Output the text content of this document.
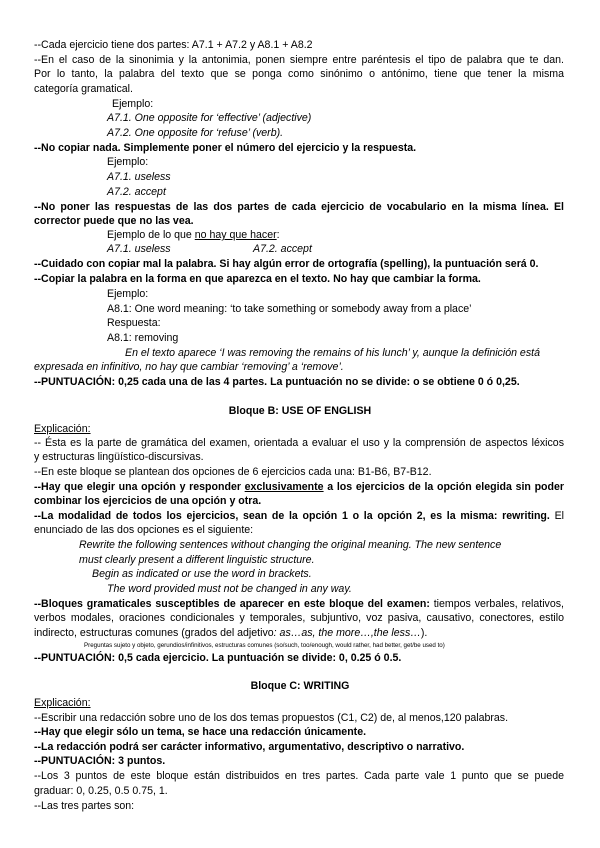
--Cada ejercicio tiene dos partes: A7.1 + A7.2 y A8.1 + A8.2
--En el caso de la sinonimia y la antonimia, ponen siempre entre paréntesis el tipo de palabra que te dan.
Por lo tanto, la palabra del texto que se ponga como sinónimo o antónimo, tiene que tener la misma
categoría gramatical.
Ejemplo:
A7.1. One opposite for ‘effective’ (adjective)
A7.2. One opposite for ‘refuse’ (verb).
--No copiar nada. Simplemente poner el número del ejercicio y la respuesta.
Ejemplo:
A7.1. useless
A7.2. accept
--No poner las respuestas de las dos partes de cada ejercicio de vocabulario en la misma línea. El
corrector puede que no las vea.
Ejemplo de lo que no hay que hacer:
A7.1. useless	A7.2. accept
--Cuidado con copiar mal la palabra. Si hay algún error de ortografía (spelling), la puntuación será 0.
--Copiar la palabra en la forma en que aparezca en el texto. No hay que cambiar la forma.
Ejemplo:
A8.1: One word meaning: ‘to take something or somebody away from a place’
Respuesta:
A8.1: removing
En el texto aparece ‘I was removing the remains of his lunch’ y, aunque la definición está
expresada en infinitivo, no hay que cambiar ‘removing’ a ‘remove’.
--PUNTUACIÓN: 0,25 cada una de las 4 partes. La puntuación no se divide: o se obtiene 0 ó 0,25.
Bloque B: USE OF ENGLISH
Explicación:
-- Ésta es la parte de gramática del examen, orientada a evaluar el uso y la comprensión de aspectos léxicos
y estructuras lingüístico-discursivas.
--En este bloque se plantean dos opciones de 6 ejercicios cada una: B1-B6, B7-B12.
--Hay que elegir una opción y responder exclusivamente a los ejercicios de la opción elegida sin poder
combinar los ejercicios de una opción y otra.
--La modalidad de todos los ejercicios, sean de la opción 1 o la opción 2, es la misma: rewriting. El
enunciado de las dos opciones es el siguiente:
Rewrite the following sentences without changing the original meaning. The new sentence
must clearly present a different linguistic structure.
Begin as indicated or use the word in brackets.
The word provided must not be changed in any way.
--Bloques gramaticales susceptibles de aparecer en este bloque del examen: tiempos verbales, relativos,
verbos modales, oraciones condicionales y temporales, subjuntivo, voz pasiva, causativo, conectores, estilo
indirecto, estructuras comunes (grados del adjetivo: as…as, the more…,the less…).
Preguntas sujeto y objeto, gerundios/infinitivos, estructuras comunes (so/such, too/enough, would rather, had better, get/be used to)
--PUNTUACIÓN: 0,5 cada ejercicio. La puntuación se divide: 0, 0.25 ó 0.5.
Bloque C: WRITING
Explicación:
--Escribir una redacción sobre uno de los dos temas propuestos (C1, C2) de, al menos,120 palabras.
--Hay que elegir sólo un tema, se hace una redacción únicamente.
--La redacción podrá ser carácter informativo, argumentativo, descriptivo o narrativo.
--PUNTUACIÓN: 3 puntos.
--Los 3 puntos de este bloque están distribuidos en tres partes. Cada parte vale 1 punto que se puede
graduar: 0, 0.25, 0.5 0.75, 1.
--Las tres partes son:
